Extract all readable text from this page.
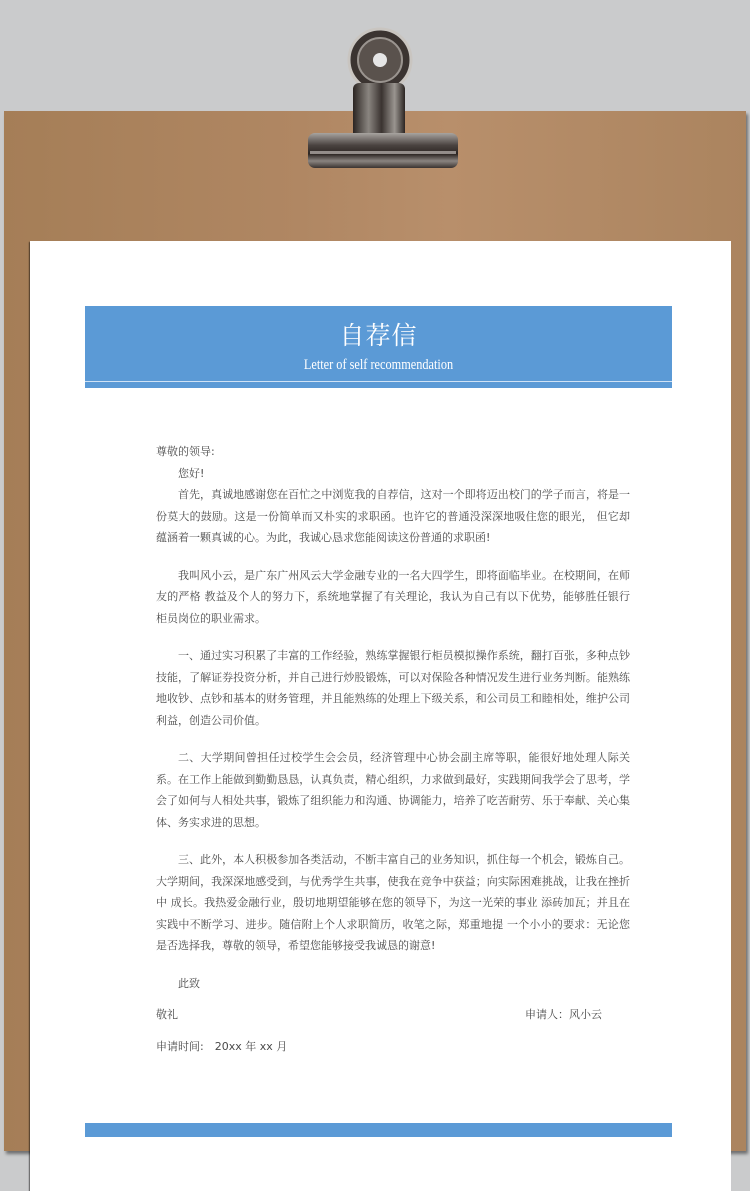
自荐信
Letter of self recommendation

尊敬的领导:

您好!

首先，真诚地感谢您在百忙之中浏览我的自荐信，这对一个即将迈出校门的学子而言，将是一份莫大的鼓励。这是一份简单而又朴实的求职函。也许它的普通没深深地吸住您的眼光， 但它却蕴涵着一颗真诚的心。为此，我诚心恳求您能阅读这份普通的求职函!

我叫风小云，是广东广州风云大学金融专业的一名大四学生，即将面临毕业。在校期间，在师友的严格 教益及个人的努力下，系统地掌握了有关理论，我认为自己有以下优势，能够胜任银行柜员岗位的职业需求。

一、通过实习积累了丰富的工作经验，熟练掌握银行柜员模拟操作系统，翻打百张，多种点钞技能，了解证券投资分析，并自己进行炒股锻炼，可以对保险各种情况发生进行业务判断。能熟练地收钞、点钞和基本的财务管理，并且能熟练的处理上下级关系，和公司员工和睦相处，维护公司利益，创造公司价值。

二、大学期间曾担任过校学生会会员，经济管理中心协会副主席等职，能很好地处理人际关系。在工作上能做到勤勤恳恳，认真负责，精心组织，力求做到最好，实践期间我学会了思考，学会了如何与人相处共事，锻炼了组织能力和沟通、协调能力，培养了吃苦耐劳、乐于奉献、关心集体、务实求进的思想。

三、此外，本人积极参加各类活动，不断丰富自己的业务知识，抓住每一个机会，锻炼自己。大学期间，我深深地感受到，与优秀学生共事，使我在竞争中获益；向实际困难挑战，让我在挫折中 成长。我热爱金融行业，殷切地期望能够在您的领导下，为这一光荣的事业 添砖加瓦；并且在实践中不断学习、进步。随信附上个人求职简历，收笔之际，郑重地提 一个小小的要求：无论您是否选择我，尊敬的领导，希望您能够接受我诚恳的谢意!

此致

敬礼	申请人：风小云

申请时间:　20xx 年 xx 月
